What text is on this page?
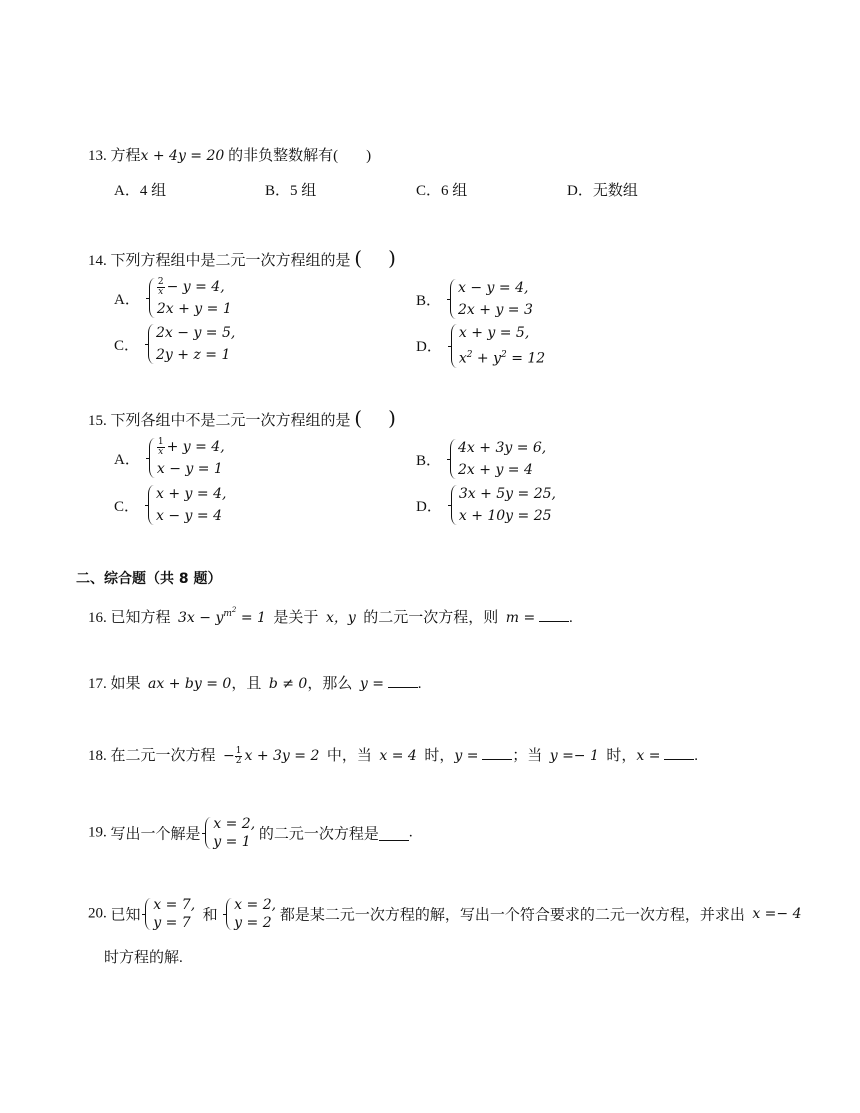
13. 方程x + 4y = 20 的非负整数解有( )
A．4 组	B．5 组	C．6 组	D．无数组
14. 下列方程组中是二元一次方程组的是 ( )
A．
$\frac{2}{x} - y = 4$,
2x + y = 1
B．
x − y = 4,
2x + y = 3
C．
2x − y = 5,
2y + z = 1	D．
x + y = 5,
$x^2 + y^2 = 12$
15. 下列各组中不是二元一次方程组的是 ( )
A．
$\frac{1}{x} + y = 4$,
x − y = 1
B．
4x + 3y = 6,
2x + y = 4
C．
x + y = 4,
x − y = 4
D．
3x + 5y = 25,
x + 10y = 25
二、综合题（共 8 题）
16. 已知方程 $3x - y^{m^2} = 1$ 是关于 x，y 的二元一次方程，则 m = .
17. 如果 ax + by = 0，且 b ≠ 0，那么 y = .
18. 在二元一次方程 − $\frac{1}{2}$ x + 3y = 2 中，当 x = 4 时，y = ；当 y =− 1 时，x = .
19. 写出一个解是
x = 2,
y = 1 的二元一次方程是 .
20. 已知
x = 7,
y = 7 和
x = 2,
y = 2 都是某二元一次方程的解，写出一个符合要求的二元一次方程，并求出 x =− 4
时方程的解.
